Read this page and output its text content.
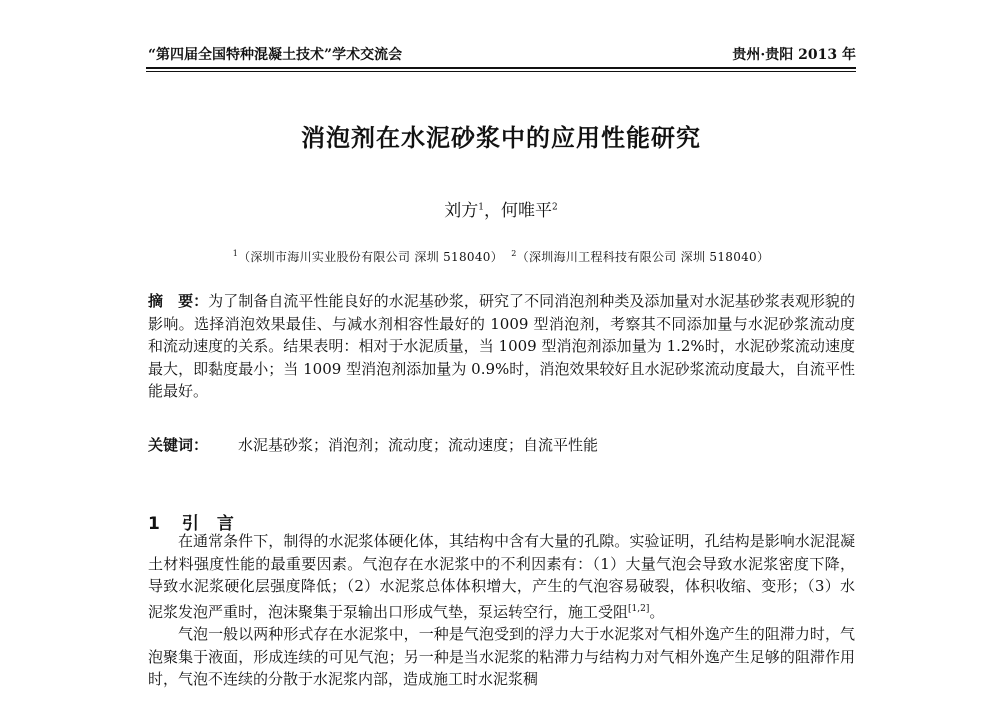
“第四届全国特种混凝土技术”学术交流会	贵州·贵阳 2013 年
消泡剂在水泥砂浆中的应用性能研究
刘方$^1$，何唯平$^2$
$^1$（深圳市海川实业股份有限公司 深圳 518040） $^2$（深圳海川工程科技有限公司 深圳 518040）
摘　要：为了制备自流平性能良好的水泥基砂浆，研究了不同消泡剂种类及添加量对水泥基砂浆表观形貌的影响。选择消泡效果最佳、与减水剂相容性最好的 1009 型消泡剂，考察其不同添加量与水泥砂浆流动度和流动速度的关系。结果表明：相对于水泥质量，当 1009 型消泡剂添加量为 1.2%时，水泥砂浆流动速度最大，即黏度最小；当 1009 型消泡剂添加量为 0.9%时，消泡效果较好且水泥砂浆流动度最大，自流平性能最好。
关键词： 水泥基砂浆；消泡剂；流动度；流动速度；自流平性能
1 引言

在通常条件下，制得的水泥浆体硬化体，其结构中含有大量的孔隙。实验证明，孔结构是影响水泥混凝土材料强度性能的最重要因素。气泡存在水泥浆中的不利因素有：（1）大量气泡会导致水泥浆密度下降，导致水泥浆硬化层强度降低；（2）水泥浆总体体积增大，产生的气泡容易破裂，体积收缩、变形；（3）水泥浆发泡严重时，泡沫聚集于泵输出口形成气垫，泵运转空行，施工受阻[1,2]。

气泡一般以两种形式存在水泥浆中，一种是气泡受到的浮力大于水泥浆对气相外逸产生的阻滞力时，气泡聚集于液面，形成连续的可见气泡；另一种是当水泥浆的粘滞力与结构力对气相外逸产生足够的阻滞作用时，气泡不连续的分散于水泥浆内部，造成施工时水泥浆稠
